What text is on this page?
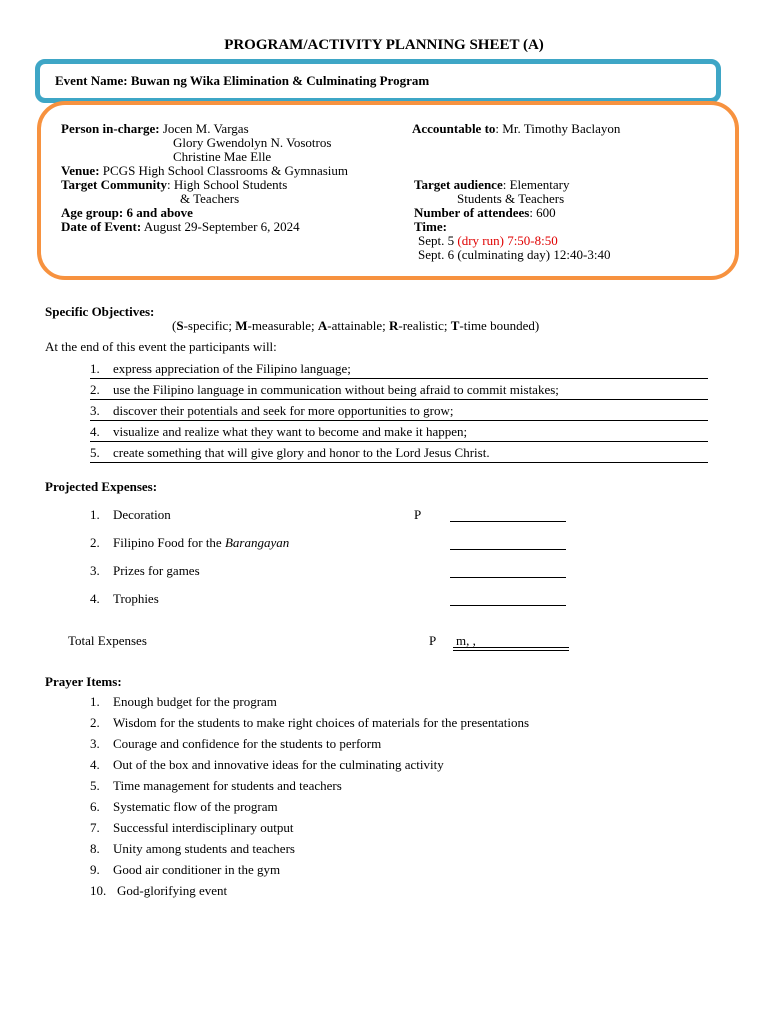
PROGRAM/ACTIVITY PLANNING SHEET (A)
Event Name: Buwan ng Wika Elimination & Culminating Program
Person in-charge: Jocen M. Vargas
Glory Gwendolyn N. Vosotros
Christine Mae Elle
Venue: PCGS High School Classrooms & Gymnasium
Target Community: High School Students
& Teachers
Age group: 6 and above
Date of Event: August 29-September 6, 2024
Accountable to: Mr. Timothy Baclayon
Target audience: Elementary
Students & Teachers
Number of attendees: 600
Time:
Sept. 5 (dry run) 7:50-8:50
Sept. 6 (culminating day) 12:40-3:40
Specific Objectives:
(S-specific; M-measurable; A-attainable; R-realistic; T-time bounded)
At the end of this event the participants will:
1.	express appreciation of the Filipino language;
2.	use the Filipino language in communication without being afraid to commit mistakes;
3.	discover their potentials and seek for more opportunities to grow;
4.	visualize and realize what they want to become and make it happen;
5.	create something that will give glory and honor to the Lord Jesus Christ.
Projected Expenses:
1. Decoration	P
2. Filipino Food for the Barangayan
3. Prizes for games
4. Trophies
Total Expenses	P m, ,
Prayer Items:
1. Enough budget for the program
2. Wisdom for the students to make right choices of materials for the presentations
3. Courage and confidence for the students to perform
4. Out of the box and innovative ideas for the culminating activity
5. Time management for students and teachers
6. Systematic flow of the program
7. Successful interdisciplinary output
8. Unity among students and teachers
9. Good air conditioner in the gym
10. God-glorifying event
